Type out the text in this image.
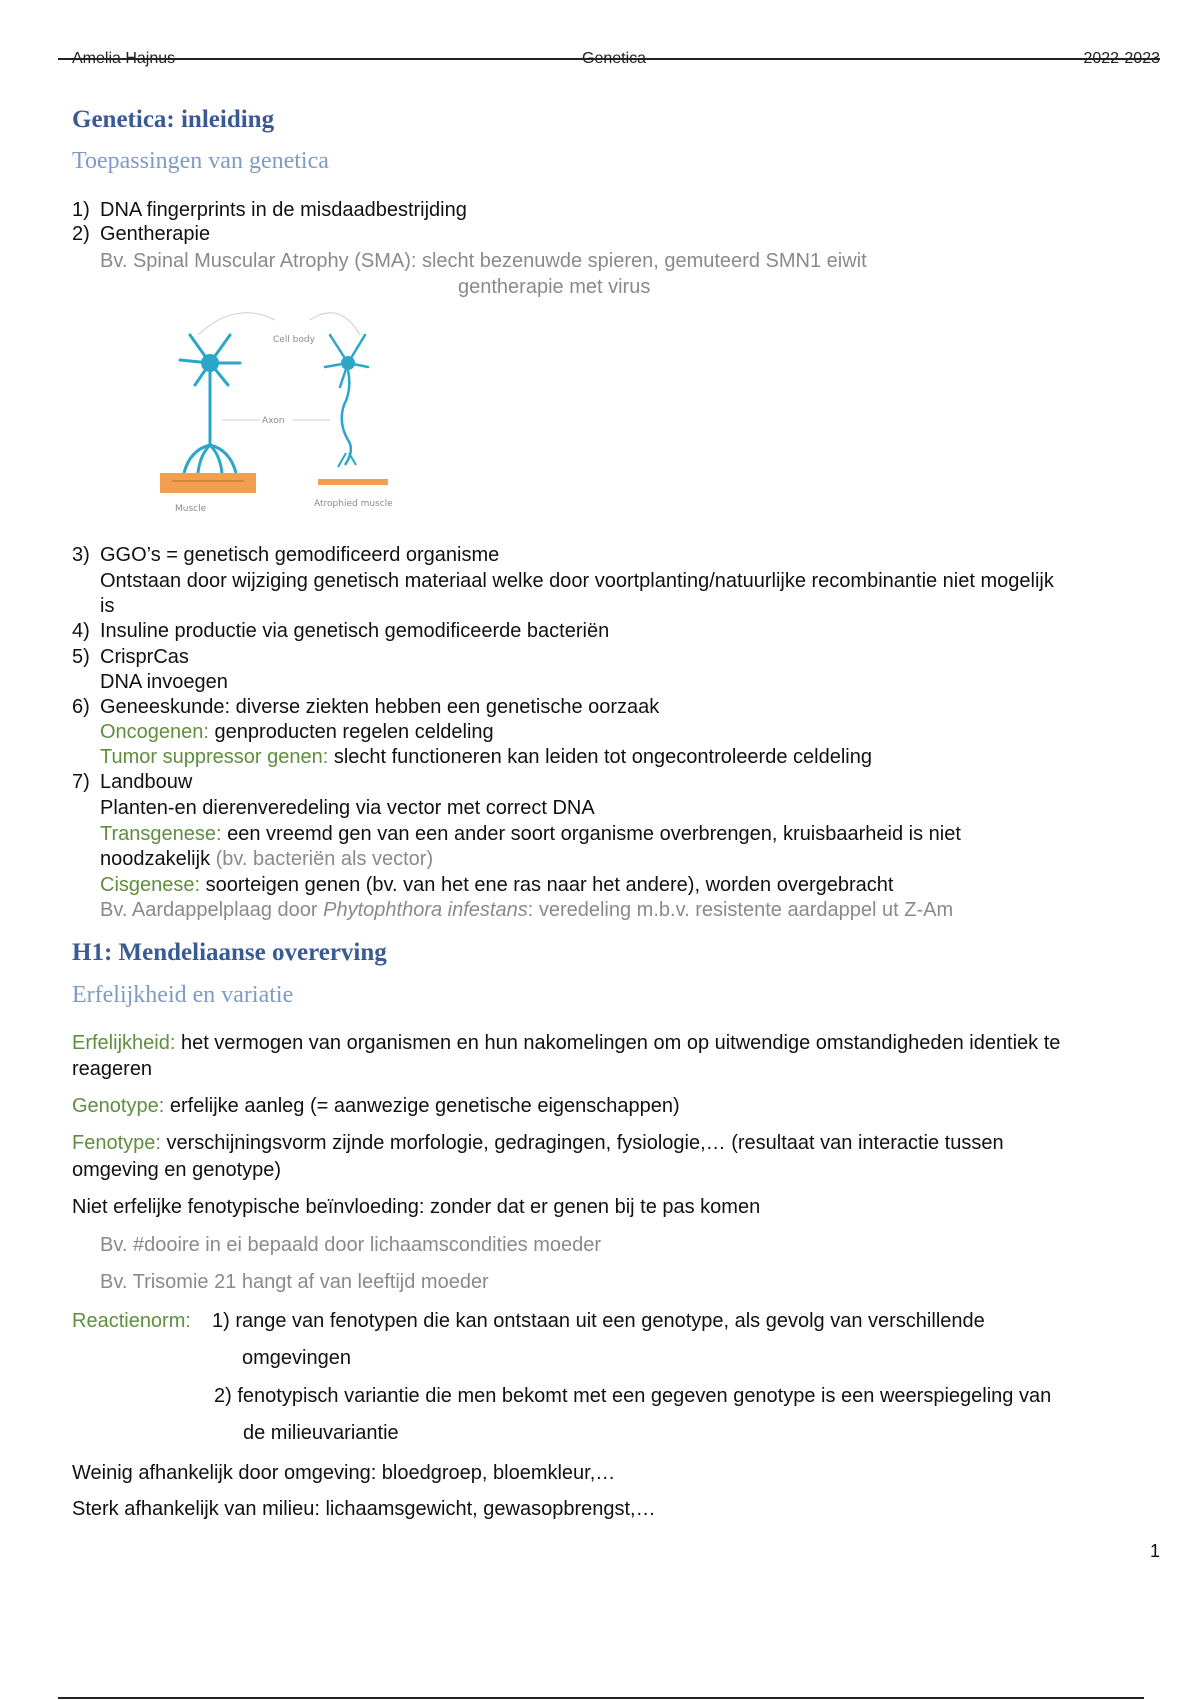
Amelia Hajnus	Genetica	2022-2023
Genetica: inleiding
Toepassingen van genetica
1) DNA fingerprints in de misdaadbestrijding
2) Gentherapie
Bv. Spinal Muscular Atrophy (SMA): slecht bezenuwde spieren, gemuteerd SMN1 eiwit
gentherapie met virus
Cell body
Muscle
Axon
Atrophied muscle
3) GGO’s = genetisch gemodificeerd organisme
Ontstaan door wijziging genetisch materiaal welke door voortplanting/natuurlijke recombinantie niet mogelijk
is
4) Insuline productie via genetisch gemodificeerde bacteriën
5) CrisprCas
DNA invoegen
6) Geneeskunde: diverse ziekten hebben een genetische oorzaak
Oncogenen: genproducten regelen celdeling
Tumor suppressor genen: slecht functioneren kan leiden tot ongecontroleerde celdeling
7) Landbouw
Planten-en dierenveredeling via vector met correct DNA
Transgenese: een vreemd gen van een ander soort organisme overbrengen, kruisbaarheid is niet
noodzakelijk (bv. bacteriën als vector)
Cisgenese: soorteigen genen (bv. van het ene ras naar het andere), worden overgebracht
Bv. Aardappelplaag door Phytophthora infestans: veredeling m.b.v. resistente aardappel ut Z-Am
H1: Mendeliaanse overerving
Erfelijkheid en variatie
Erfelijkheid: het vermogen van organismen en hun nakomelingen om op uitwendige omstandigheden identiek te
reageren
Genotype: erfelijke aanleg (= aanwezige genetische eigenschappen)
Fenotype: verschijningsvorm zijnde morfologie, gedragingen, fysiologie,… (resultaat van interactie tussen
omgeving en genotype)
Niet erfelijke fenotypische beïnvloeding: zonder dat er genen bij te pas komen
Bv. #dooire in ei bepaald door lichaamscondities moeder
Bv. Trisomie 21 hangt af van leeftijd moeder
Reactienorm: 1) range van fenotypen die kan ontstaan uit een genotype, als gevolg van verschillende
omgevingen
2) fenotypisch variantie die men bekomt met een gegeven genotype is een weerspiegeling van
de milieuvariantie
Weinig afhankelijk door omgeving: bloedgroep, bloemkleur,…
Sterk afhankelijk van milieu: lichaamsgewicht, gewasopbrengst,…
1
